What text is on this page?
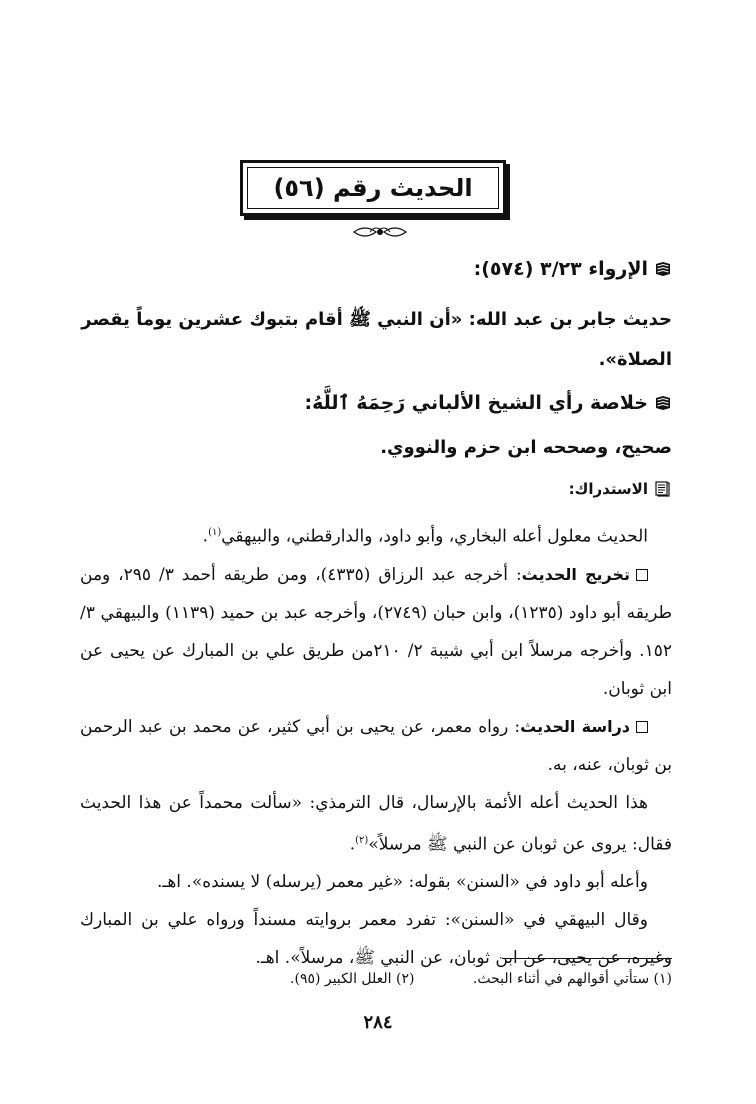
الحديث رقم (٥٦)
الإرواء ٣/٢٣ (٥٧٤):
حديث جابر بن عبد الله: «أن النبي ﷺ أقام بتبوك عشرين يوماً يقصر
الصلاة».
خلاصة رأي الشيخ الألباني رَحِمَهُ ٱللَّهُ:
صحيح، وصححه ابن حزم والنووي.
الاستدراك:
الحديث معلول أعله البخاري، وأبو داود، والدارقطني، والبيهقي$^{(١)}$.
تخريج الحديث: أخرجه عبد الرزاق (٤٣٣٥)، ومن طريقه أحمد ٣/ ٢٩٥، ومن طريقه أبو داود (١٢٣٥)، وابن حبان (٢٧٤٩)، وأخرجه عبد بن حميد (١١٣٩) والبيهقي ٣/ ١٥٢. وأخرجه مرسلاً ابن أبي شيبة ٢/ ٢١٠من طريق علي بن المبارك عن يحيى عن ابن ثوبان.
دراسة الحديث: رواه معمر، عن يحيى بن أبي كثير، عن محمد بن عبد الرحمن بن ثوبان، عنه، به.
هذا الحديث أعله الأئمة بالإرسال، قال الترمذي: «سألت محمداً عن هذا الحديث فقال: يروى عن ثوبان عن النبي ﷺ مرسلاً»$^{(٢)}$.
وأعله أبو داود في «السنن» بقوله: «غير معمر (يرسله) لا يسنده». اهـ.
وقال البيهقي في «السنن»: تفرد معمر بروايته مسنداً ورواه علي بن المبارك وغيره، عن يحيى، عن ابن ثوبان، عن النبي ﷺ، مرسلاً». اهـ.
(١) ستأتي أقوالهم في أثناء البحث. (٢) العلل الكبير (٩٥).
٢٨٤
